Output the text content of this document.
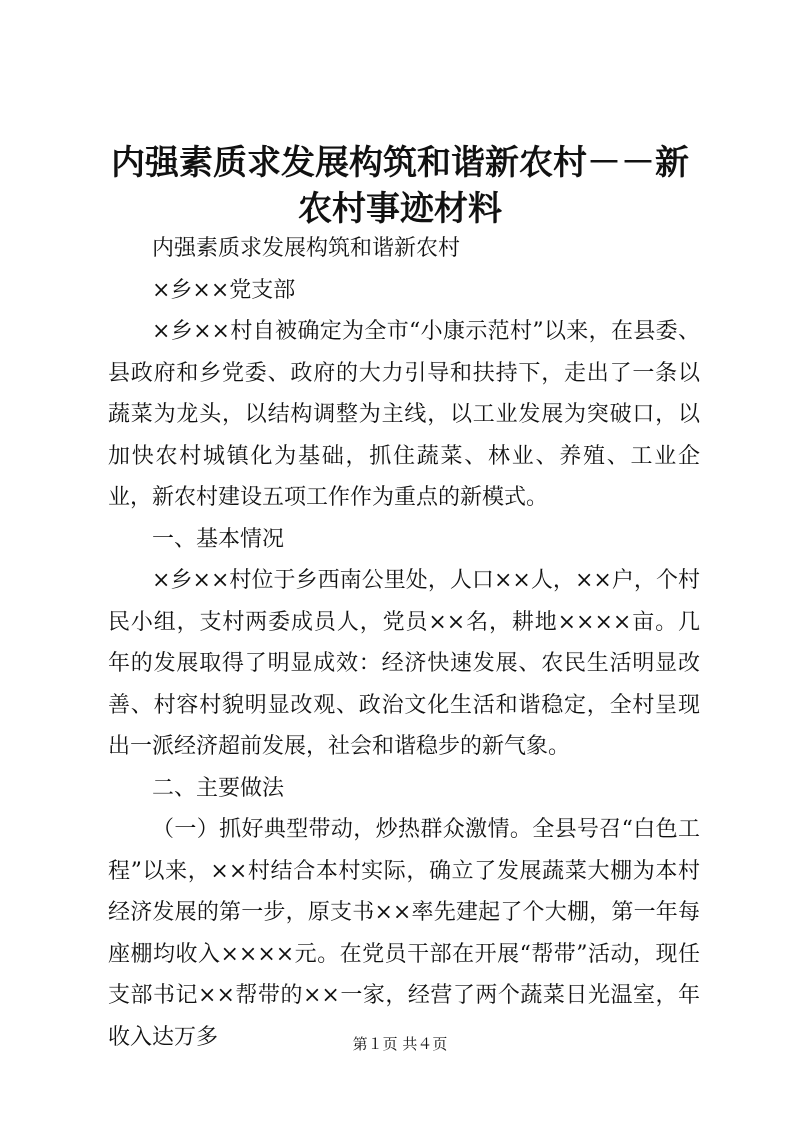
内强素质求发展构筑和谐新农村－－新农村事迹材料

内强素质求发展构筑和谐新农村

×乡××党支部

×乡××村自被确定为全市“小康示范村”以来，在县委、县政府和乡党委、政府的大力引导和扶持下，走出了一条以蔬菜为龙头，以结构调整为主线，以工业发展为突破口，以加快农村城镇化为基础，抓住蔬菜、林业、养殖、工业企业，新农村建设五项工作作为重点的新模式。

一、基本情况

×乡××村位于乡西南公里处，人口××人，××户，个村民小组，支村两委成员人，党员××名，耕地××××亩。几年的发展取得了明显成效：经济快速发展、农民生活明显改善、村容村貌明显改观、政治文化生活和谐稳定，全村呈现出一派经济超前发展，社会和谐稳步的新气象。

二、主要做法

（一）抓好典型带动，炒热群众激情。全县号召“白色工程”以来，××村结合本村实际，确立了发展蔬菜大棚为本村经济发展的第一步，原支书××率先建起了个大棚，第一年每座棚均收入××××元。在党员干部在开展“帮带”活动，现任支部书记××帮带的××一家，经营了两个蔬菜日光温室，年收入达万多	第１页 共４页
